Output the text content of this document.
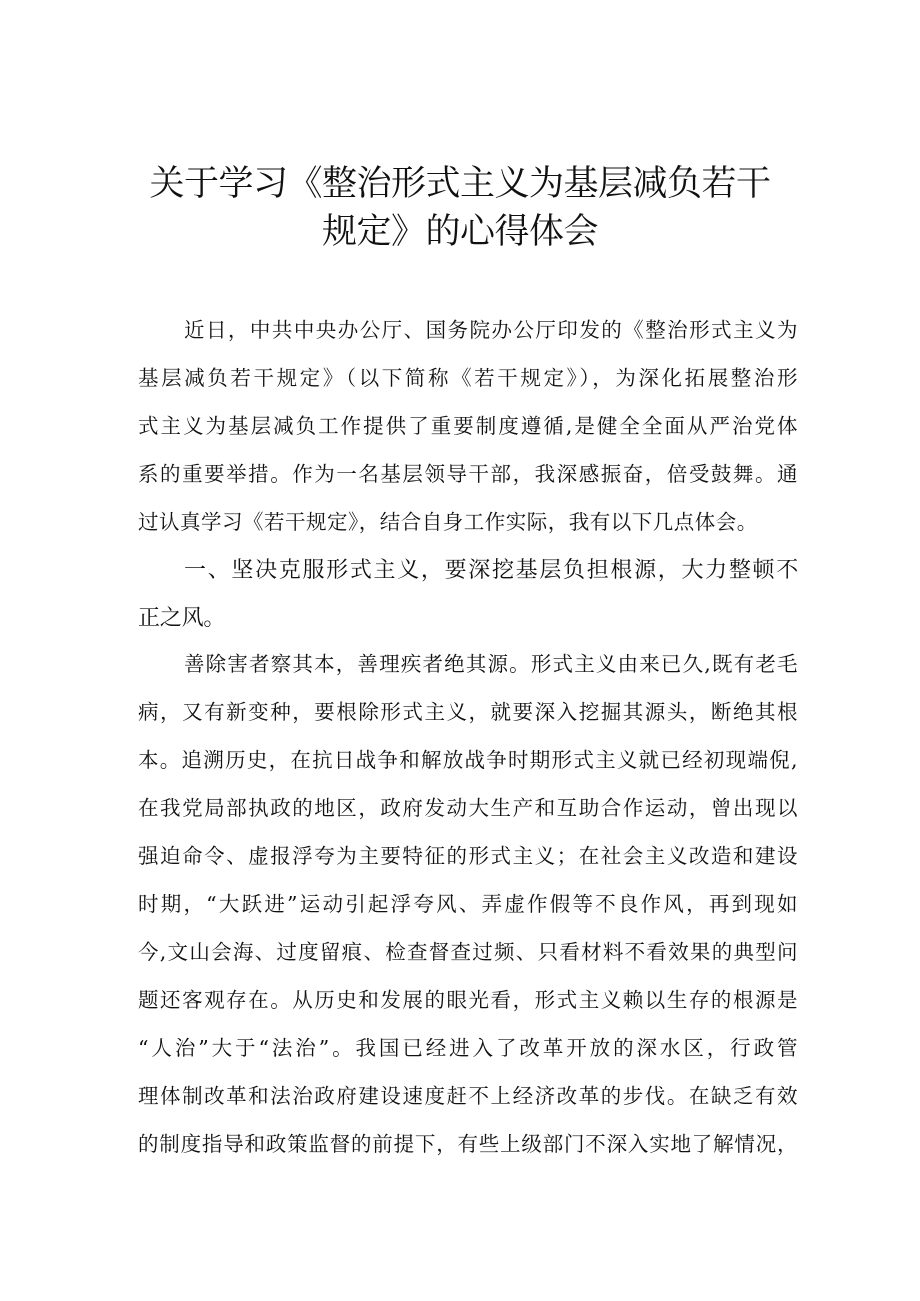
关于学习《整治形式主义为基层减负若干
规定》的心得体会
近日，中共中央办公厅、国务院办公厅印发的《整治形式主义为
基层减负若干规定》（以下简称《若干规定》），为深化拓展整治形
式主义为基层减负工作提供了重要制度遵循,是健全全面从严治党体
系的重要举措。作为一名基层领导干部，我深感振奋，倍受鼓舞。通
过认真学习《若干规定》，结合自身工作实际，我有以下几点体会。
一、坚决克服形式主义，要深挖基层负担根源，大力整顿不
正之风。
善除害者察其本，善理疾者绝其源。形式主义由来已久,既有老毛
病，又有新变种，要根除形式主义，就要深入挖掘其源头，断绝其根
本。追溯历史，在抗日战争和解放战争时期形式主义就已经初现端倪,
在我党局部执政的地区，政府发动大生产和互助合作运动，曾出现以
强迫命令、虚报浮夸为主要特征的形式主义；在社会主义改造和建设
时期，“大跃进”运动引起浮夸风、弄虚作假等不良作风，再到现如
今,文山会海、过度留痕、检查督查过频、只看材料不看效果的典型问
题还客观存在。从历史和发展的眼光看，形式主义赖以生存的根源是
“人治”大于“法治”。我国已经进入了改革开放的深水区，行政管
理体制改革和法治政府建设速度赶不上经济改革的步伐。在缺乏有效
的制度指导和政策监督的前提下，有些上级部门不深入实地了解情况，
